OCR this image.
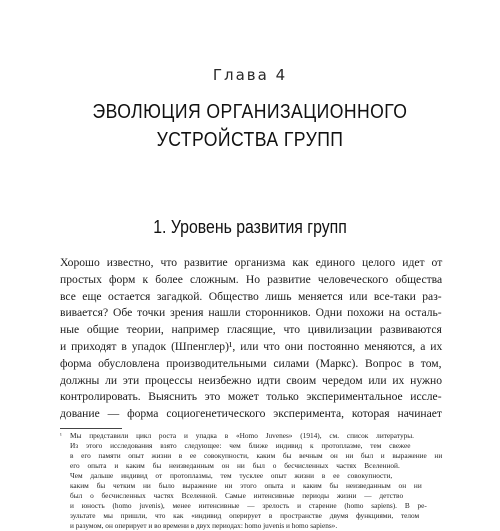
Глава 4
ЭВОЛЮЦИЯ ОРГАНИЗАЦИОННОГО
УСТРОЙСТВА ГРУПП
1. Уровень развития групп
Хорошо известно, что развитие организма как единого целого идет от
простых форм к более сложным. Но развитие человеческого общества
все еще остается загадкой. Общество лишь меняется или все-таки раз-
вивается? Обе точки зрения нашли сторонников. Одни похожи на осталь-
ные общие теории, например гласящие, что цивилизации развиваются
и приходят в упадок (Шпенглер)¹, или что они постоянно меняются, а их
форма обусловлена производительными силами (Маркс). Вопрос в том,
должны ли эти процессы неизбежно идти своим чередом или их нужно
контролировать. Выяснить это может только экспериментальное иссле-
дование — форма социогенетического эксперимента, которая начинает
¹ Мы представили цикл роста и упадка в «Homo Juvenes» (1914), см. список литературы.
Из этого исследования взято следующее: чем ближе индивид к протоплазме, тем свежее
в его памяти опыт жизни в ее совокупности, каким бы вечным он ни был и выражение ни
его опыта и каким бы неизведанным он ни был о бесчисленных частях Вселенной.
Чем дальше индивид от протоплазмы, тем тусклее опыт жизни в ее совокупности,
каким бы четким ни было выражение ни этого опыта и каким бы неизведанным он ни
был о бесчисленных частях Вселенной. Самые интенсивные периоды жизни — детство
и юность (homo juvenis), менее интенсивные — зрелость и старение (homo sapiens). В ре-
зультате мы пришли, что как «индивид оперирует в пространстве двумя функциями, телом
и разумом, он оперирует и во времени в двух периодах: homo juvenis и homo sapiens».
